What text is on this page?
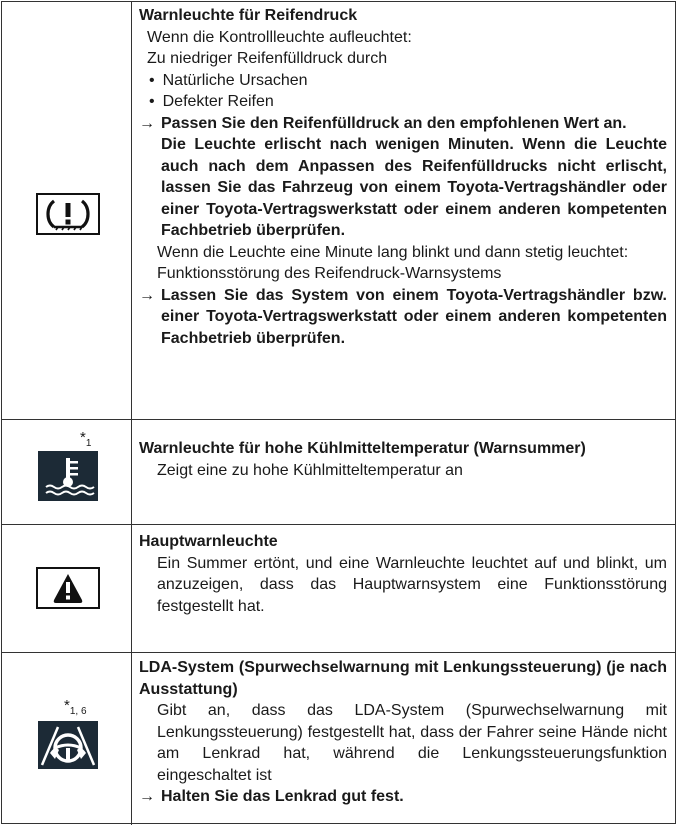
Warnleuchte für Reifendruck
Wenn die Kontrollleuchte aufleuchtet:
Zu niedriger Reifenfülldruck durch
• Natürliche Ursachen
• Defekter Reifen
→ Passen Sie den Reifenfülldruck an den empfohlenen Wert an.
Die Leuchte erlischt nach wenigen Minuten. Wenn die Leuchte auch nach dem Anpassen des Reifenfülldrucks nicht erlischt, lassen Sie das Fahrzeug von einem Toyota-Vertragshändler oder einer Toyota-Vertragswerkstatt oder einem anderen kompetenten Fachbetrieb überprüfen.
Wenn die Leuchte eine Minute lang blinkt und dann stetig leuchtet:
Funktionsstörung des Reifendruck-Warnsystems
→ Lassen Sie das System von einem Toyota-Vertragshändler bzw. einer Toyota-Vertragswerkstatt oder einem anderen kompetenten Fachbetrieb überprüfen.
$*_1$	Warnleuchte für hohe Kühlmitteltemperatur (Warnsummer)
Zeigt eine zu hohe Kühlmitteltemperatur an
Hauptwarnleuchte
Ein Summer ertönt, und eine Warnleuchte leuchtet auf und blinkt, um anzuzeigen, dass das Hauptwarnsystem eine Funktionsstörung festgestellt hat.
$*_{1, 6}$
LDA-System (Spurwechselwarnung mit Lenkungssteuerung) (je nach Ausstattung)
Gibt an, dass das LDA-System (Spurwechselwarnung mit Lenkungssteuerung) festgestellt hat, dass der Fahrer seine Hände nicht am Lenkrad hat, während die Lenkungssteuerungsfunktion eingeschaltet ist
→ Halten Sie das Lenkrad gut fest.
